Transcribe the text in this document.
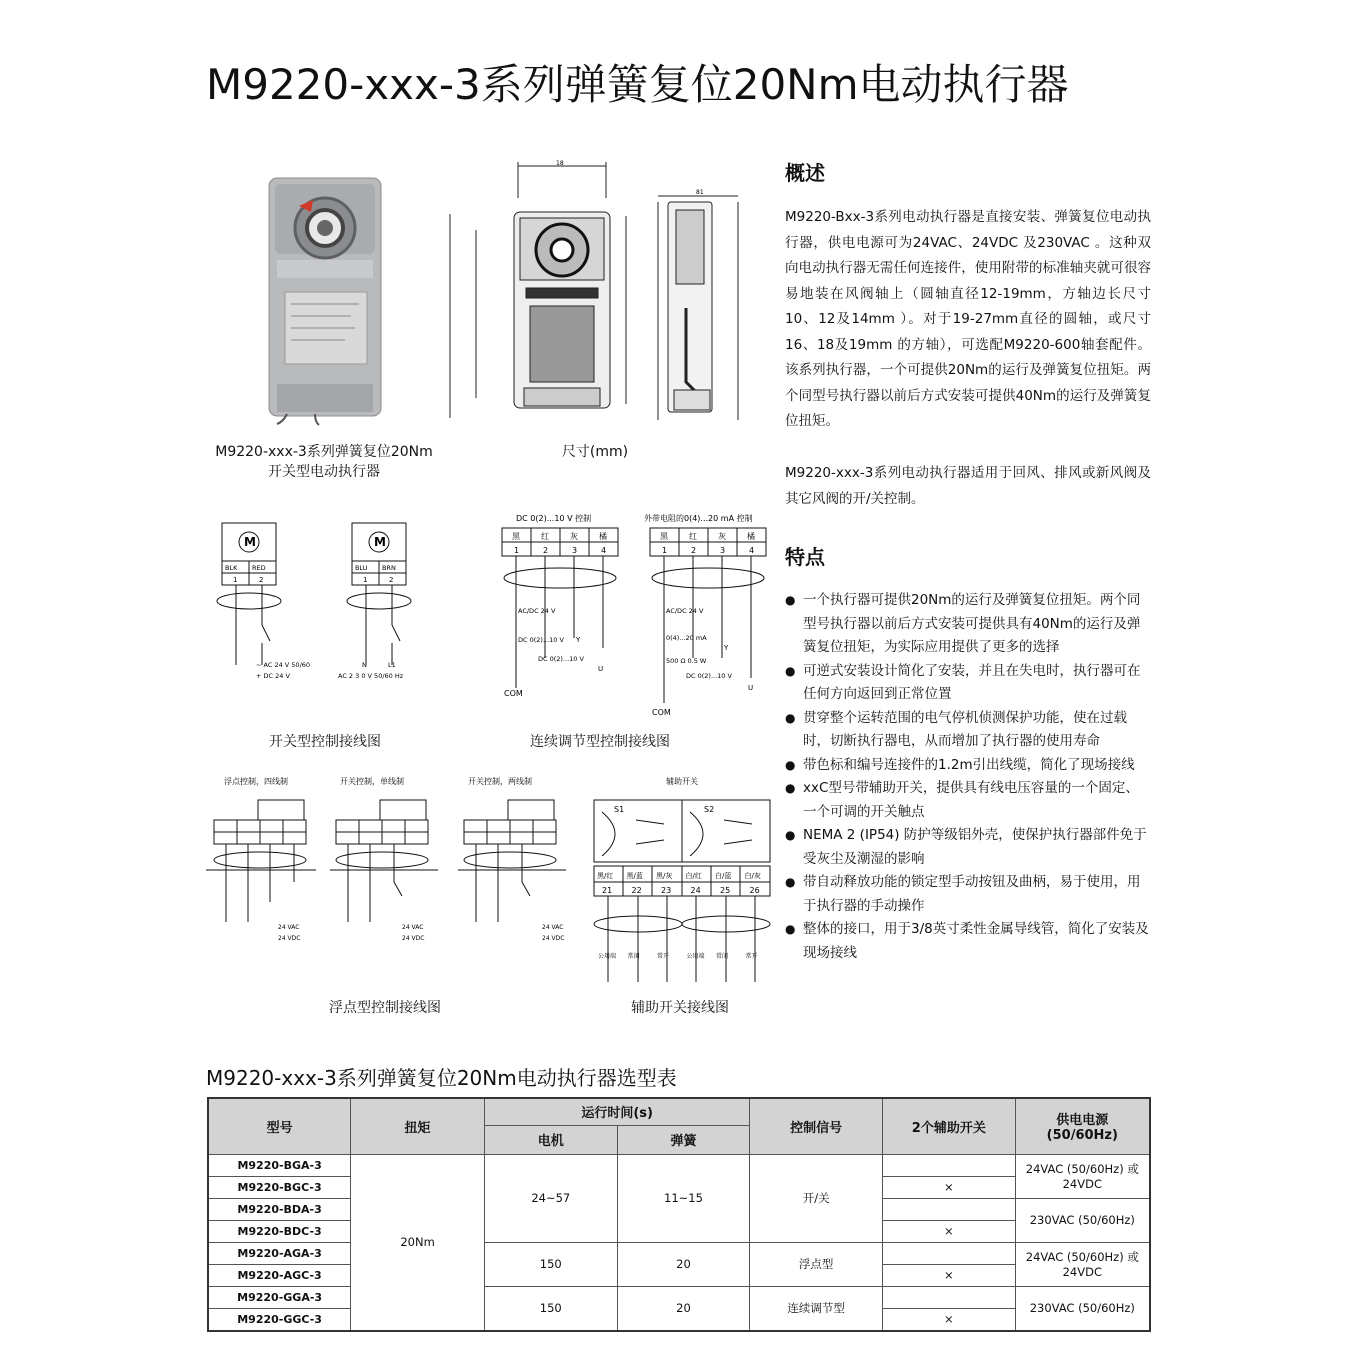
M9220-xxx-3系列弹簧复位20Nm电动执行器
M9220-xxx-3系列弹簧复位20Nm
开关型电动执行器
18
81
尺寸(mm)
M	M
BLK RED	BLU BRN
1	2	1	2
~ AC 24 V 50/60
+ DC 24 V
N	L1
AC 2 3 0 V 50/60 Hz
开关型控制接线图
DC 0(2)...10 V 控制	外带电阻的0(4)...20 mA 控制
黑	红	灰	橘
1	2	3	4
黑	红	灰	橘
1	2	3	4
AC/DC 24 V
DC 0(2)...10 V
DC 0(2)...10 V
Y
U
COM
AC/DC 24 V
0(4)...20 mA
500 Ω 0.5 W
DC 0(2)...10 V
Y
U
COM
连续调节型控制接线图
浮点控制，四线制	开关控制，单线制	开关控制，两线制
24 VAC
24 VDC
24 VAC
24 VDC
24 VAC
24 VDC
浮点型控制接线图
辅助开关
S1	S2
黑/红
21
公用端
黑/蓝
22
常闭
黑/灰
23
常开
白/红
24
公用端
白/蓝
25
常闭
白/灰
26
常开
辅助开关接线图
概述
M9220-Bxx-3系列电动执行器是直接安装、弹簧复位电动执行器，供电电源可为24VAC、24VDC 及230VAC 。这种双向电动执行器无需任何连接件，使用附带的标准轴夹就可很容易地装在风阀轴上（圆轴直径12-19mm，方轴边长尺寸10、12及14mm ）。对于19-27mm直径的圆轴，或尺寸16、18及19mm 的方轴），可选配M9220-600轴套配件。该系列执行器，一个可提供20Nm的运行及弹簧复位扭矩。两个同型号执行器以前后方式安装可提供40Nm的运行及弹簧复位扭矩。
M9220-xxx-3系列电动执行器适用于回风、排风或新风阀及其它风阀的开/关控制。
特点
● 一个执行器可提供20Nm的运行及弹簧复位扭矩。两个同型号执行器以前后方式安装可提供具有40Nm的运行及弹簧复位扭矩，为实际应用提供了更多的选择
● 可逆式安装设计简化了安装，并且在失电时，执行器可在任何方向返回到正常位置
● 贯穿整个运转范围的电气停机侦测保护功能，使在过载时，切断执行器电，从而增加了执行器的使用寿命
● 带色标和编号连接件的1.2m引出线缆，简化了现场接线
● xxC型号带辅助开关，提供具有线电压容量的一个固定、一个可调的开关触点
● NEMA 2 (IP54) 防护等级铝外壳，使保护执行器部件免于受灰尘及潮湿的影响
● 带自动释放功能的锁定型手动按钮及曲柄，易于使用，用于执行器的手动操作
● 整体的接口，用于3/8英寸柔性金属导线管，简化了安装及现场接线
M9220-xxx-3系列弹簧复位20Nm电动执行器选型表
型号	扭矩	运行时间(s)		控制信号	2个辅助开关	供电电源
(50/60Hz)

		电机	弹簧			
M9220-BGA-3	20Nm	24~57	11~15	开/关		24VAC (50/60Hz) 或
24VDC

M9220-BGC-3					×	
M9220-BDA-3						230VAC (50/60Hz)
M9220-BDC-3					×	
M9220-AGA-3		150	20	浮点型		24VAC (50/60Hz) 或
24VDC

M9220-AGC-3					×	
M9220-GGA-3		150	20	连续调节型		230VAC (50/60Hz)
M9220-GGC-3					×	
